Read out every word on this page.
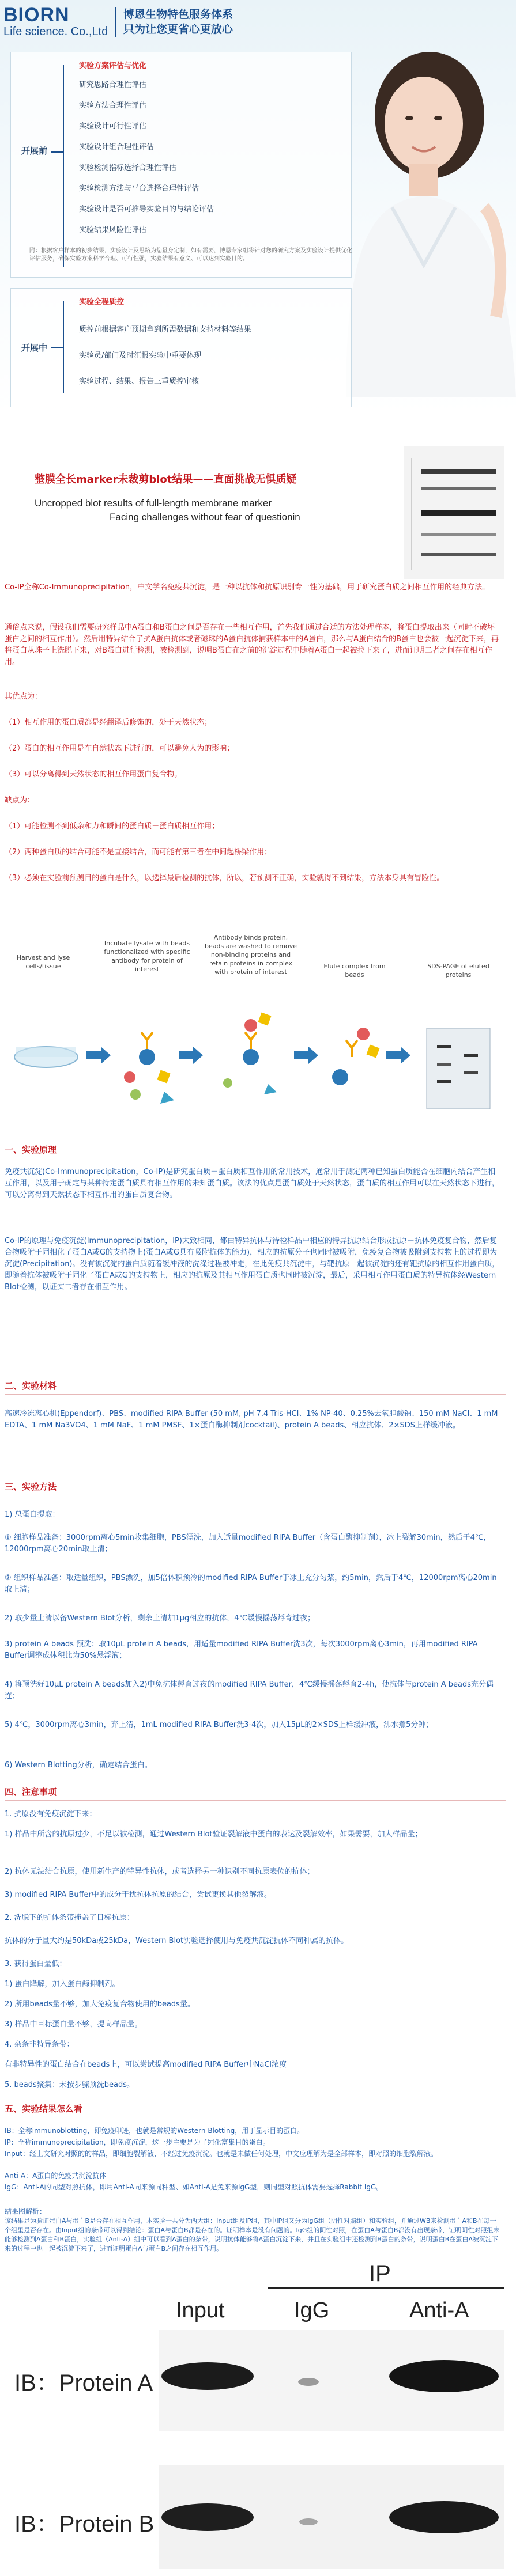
BIORN
Life science. Co.,Ltd
博恩生物特色服务体系
只为让您更省心更放心
开展前
实验方案评估与优化
研究思路合理性评估
实验方法合理性评估
实验设计可行性评估
实验设计组合理性评估
实验检测指标选择合理性评估
实验检测方法与平台选择合理性评估
实验设计是否可推导实验目的与结论评估
实验结果风险性评估
附：根据客户样本的初步结果，实验设计及思路为您量身定制，如有需要，博恩专家组将针对您的研究方案及实验设计提供优化评估服务，确保实验方案科学合理、可行性强，实验结果有意义、可以达到实验目的。
开展中
实验全程质控
质控前根据客户预期拿到所需数据和支持材料等结果
实验员/部门及时汇报实验中重要体现
实验过程、结果、报告三重质控审核
整膜全长marker未裁剪blot结果——直面挑战无惧质疑
Uncropped blot results of full-length membrane marker
Facing challenges without fear of questionin
Co-IP全称Co-Immunoprecipitation，中文学名免疫共沉淀，是一种以抗体和抗原识别专一性为基础，用于研究蛋白质之间相互作用的经典方法。
通俗点来说，假设我们需要研究样品中A蛋白和B蛋白之间是否存在一些相互作用，首先我们通过合适的方法处理样本，将蛋白提取出来（同时不破坏蛋白之间的相互作用）。然后用特异结合了抗A蛋白抗体或者磁珠的A蛋白抗体捕获样本中的A蛋白，那么与A蛋白结合的B蛋白也会被一起沉淀下来，再将蛋白从珠子上洗脱下来，对B蛋白进行检测，被检测到，说明B蛋白在之前的沉淀过程中随着A蛋白一起被拉下来了，进而证明二者之间存在相互作用。
其优点为：
（1）相互作用的蛋白质都是经翻译后修饰的，处于天然状态；
（2）蛋白的相互作用是在自然状态下进行的，可以避免人为的影响；
（3）可以分离得到天然状态的相互作用蛋白复合物。
缺点为：
（1）可能检测不到低亲和力和瞬间的蛋白质－蛋白质相互作用；
（2）两种蛋白质的结合可能不是直接结合，而可能有第三者在中间起桥梁作用；
（3）必须在实验前预测目的蛋白是什么，以选择最后检测的抗体，所以，若预测不正确，实验就得不到结果，方法本身具有冒险性。
Harvest and lyse cells/tissue
Incubate lysate with beads functionalized with specific antibody for protein of interest
Antibody binds protein, beads are washed to remove non-binding proteins and retain proteins in complex with protein of interest
Elute complex from beads
SDS-PAGE of eluted proteins
一、实验原理
免疫共沉淀(Co-Immunoprecipitation，Co-IP)是研究蛋白质－蛋白质相互作用的常用技术，通常用于测定两种已知蛋白质能否在细胞内结合产生相互作用，以及用于确定与某种特定蛋白质具有相互作用的未知蛋白质。该法的优点是蛋白质处于天然状态，蛋白质的相互作用可以在天然状态下进行，可以分离得到天然状态下相互作用的蛋白质复合物。
Co-IP的原理与免疫沉淀(Immunoprecipitation，IP)大致相同，都由特异抗体与待检样品中相应的特异抗原结合形成抗原－抗体免疫复合物，然后复合物吸附于固相化了蛋白A或G的支持物上(蛋白A或G具有吸附抗体的能力)，相应的抗原分子也同时被吸附，免疫复合物被吸附到支持物上的过程即为沉淀(Precipitation)。没有被沉淀的蛋白质随着缓冲液的洗涤过程被冲走，在此免疫共沉淀中，与靶抗原一起被沉淀的还有靶抗原的相互作用蛋白质，即随着抗体被吸附于固化了蛋白A或G的支持物上，相应的抗原及其相互作用蛋白质也同时被沉淀，最后，采用相互作用蛋白质的特异抗体经Western Blot检测，以证实二者存在相互作用。
二、实验材料
高速冷冻离心机(Eppendorf)、PBS、modified RIPA Buffer (50 mM, pH 7.4 Tris-HCl、1% NP-40、0.25%去氧胆酸钠、150 mM NaCl、1 mM EDTA、1 mM Na3VO4、1 mM NaF、1 mM PMSF、1×蛋白酶抑制剂cocktail)、protein A beads、相应抗体、2×SDS上样缓冲液。
三、实验方法
1) 总蛋白提取：
① 细胞样品准备：3000rpm离心5min收集细胞，PBS漂洗，加入适量modified RIPA Buffer（含蛋白酶抑制剂），冰上裂解30min，然后于4℃，12000rpm离心20min取上清；
② 组织样品准备：取适量组织，PBS漂洗，加5倍体积预冷的modified RIPA Buffer于冰上充分匀浆，约5min，然后于4℃，12000rpm离心20min取上清；
2) 取少量上清以备Western Blot分析，剩余上清加1μg相应的抗体，4℃缓慢摇荡孵育过夜；
3) protein A beads 预洗：取10μL protein A beads，用适量modified RIPA Buffer洗3次，每次3000rpm离心3min，再用modified RIPA Buffer调整成体积比为50%悬浮液；
4) 将预洗好10μL protein A beads加入2)中免抗体孵育过夜的modified RIPA Buffer，4℃缓慢摇荡孵育2-4h，使抗体与protein A beads充分偶连；
5) 4℃，3000rpm离心3min，弃上清，1mL modified RIPA Buffer洗3-4次，加入15μL的2×SDS上样缓冲液，沸水煮5分钟；
6) Western Blotting分析，确定结合蛋白。
四、注意事项
1. 抗原没有免疫沉淀下来：
1) 样品中所含的抗原过少，不足以被检测，通过Western Blot验证裂解液中蛋白的表达及裂解效率，如果需要，加大样品量；
2) 抗体无法结合抗原，使用新生产的特异性抗体，或者选择另一种识别不同抗原表位的抗体；
3) modified RIPA Buffer中的成分干扰抗体抗原的结合，尝试更换其他裂解液。
2. 洗脱下的抗体条带掩盖了目标抗原：
抗体的分子量大约是50kDa或25kDa，Western Blot实验选择使用与免疫共沉淀抗体不同种属的抗体。
3. 获得蛋白量低：
1) 蛋白降解，加入蛋白酶抑制剂。
2) 所用beads量不够，加大免疫复合物使用的beads量。
3) 样品中目标蛋白量不够，提高样品量。
4. 杂条非特异条带：
有非特异性的蛋白结合在beads上，可以尝试提高modified RIPA Buffer中NaCl浓度
5. beads聚集：未按步骤预洗beads。
五、实验结果怎么看
IB：全称immunoblotting，即免疫印迹，也就是常规的Western Blotting，用于显示目的蛋白。
IP：全称immunoprecipitation，即免疫沉淀，这一步主要是为了纯化富集目的蛋白。
Input：经上文研究对照的的样品，即细胞裂解液，不经过免疫沉淀。也就是未做任何处理，中文应理解为是全部样本，即对照的细胞裂解液。
Anti-A：A蛋白的免疫共沉淀抗体
IgG：Anti-A的同型对照抗体，即用Anti-A同来源同种型、如Anti-A是兔来源IgG型，则同型对照抗体需要选择Rabbit IgG。
结果图解析：
该结果是为验证蛋白A与蛋白B是否存在相互作用，本实验一共分为两大组：Input组及IP组，其中IP组又分为IgG组（阴性对照组）和实验组，并通过WB来检测蛋白A和B在每一个组里是否存在。由Input组的条带可以得到结论：蛋白A与蛋白B都是存在的。证明样本是没有问题的。IgG组的阴性对照，在蛋白A与蛋白B都没有出现条带，证明阴性对照组未能够检测到A蛋白和B蛋白，实验组（Anti-A）组中可以看到A蛋白的条带，说明抗体能够将A蛋白沉淀下来，并且在实验组中还检测到B蛋白的条带，说明蛋白B在蛋白A被沉淀下来的过程中也一起被沉淀下来了，进而证明蛋白A与蛋白B之间存在相互作用。
IP
Input	IgG	Anti-A
IB：Protein A
IB：Protein B
